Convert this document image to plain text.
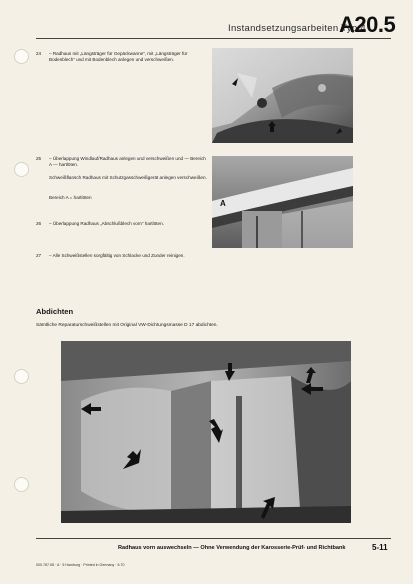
Instandsetzungsarbeiten Typ 4
A20.5
24 – Radhaus mit „Längsträger für Gepäckwanne“, mit „Längsträger für Bodenblech“ und mit Bodenblech anlegen und verschweißen.
25 – Überlappung Windlauf/Radhaus anlegen und verschweißen und — Bereich A — hartlöten.
Schweißflansch Radhaus mit Schutzgasschweißgerät anlegen verschweißen.
Bereich A = hartlöten
26 – Überlappung Radhaus „Abschlußblech vorn“ hartlöten.
27 – Alle Schweißstellen sorgfältig von Schlacke und Zunder reinigen.
A
Abdichten
Sämtliche Reparaturschweißstellen mit Original VW-Dichtungsmasse D 17 abdichten.
Radhaus vorn auswechseln — Ohne Verwendung der Karosserie-Prüf- und Richtbank	5-11
000.787.08 · A · 5 Hamburg · Printed in Germany · 6.70
